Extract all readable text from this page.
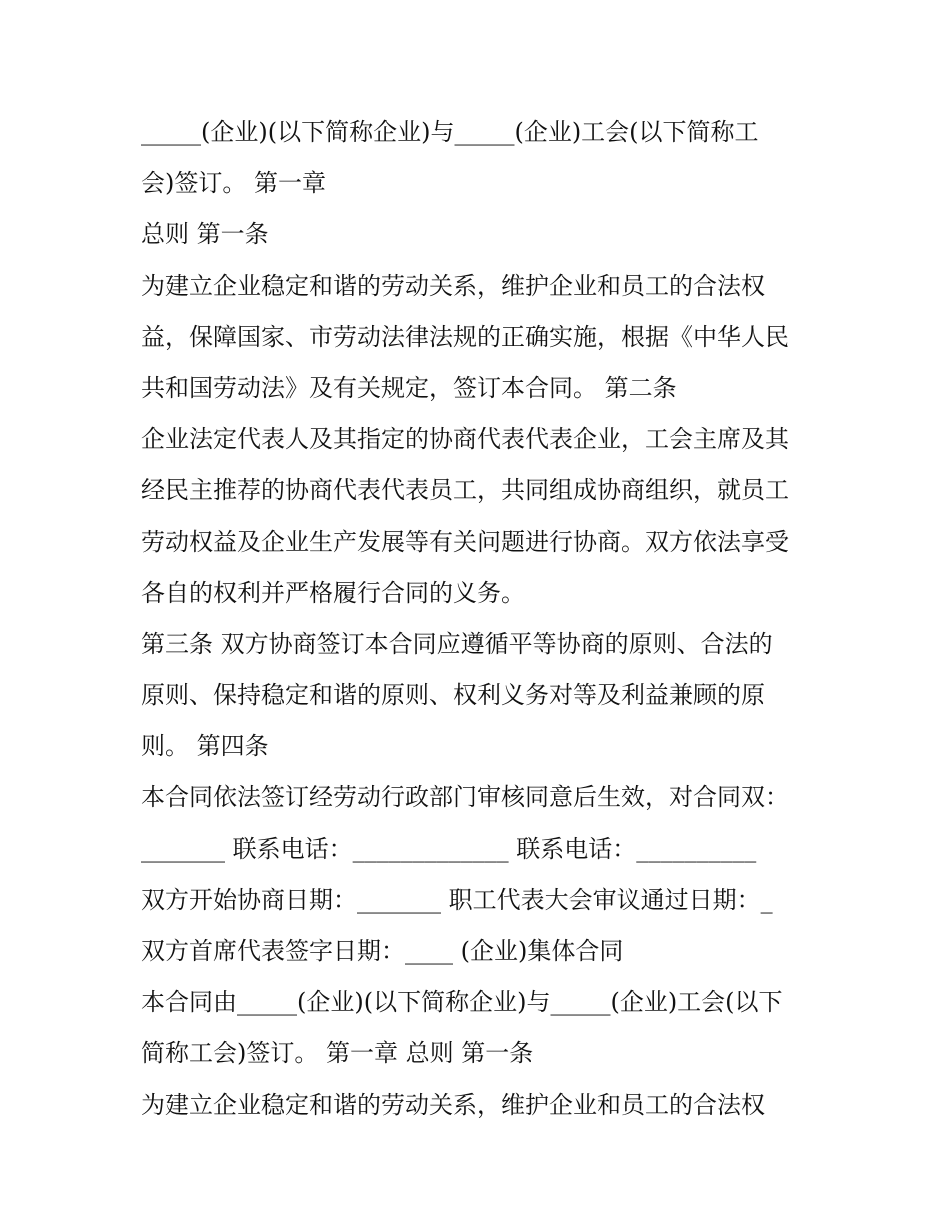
_____(企业)(以下简称企业)与_____(企业)工会(以下简称工
会)签订。 第一章
总则 第一条
为建立企业稳定和谐的劳动关系，维护企业和员工的合法权
益，保障国家、市劳动法律法规的正确实施，根据《中华人民
共和国劳动法》及有关规定，签订本合同。 第二条
企业法定代表人及其指定的协商代表代表企业，工会主席及其
经民主推荐的协商代表代表员工，共同组成协商组织，就员工
劳动权益及企业生产发展等有关问题进行协商。双方依法享受
各自的权利并严格履行合同的义务。
第三条 双方协商签订本合同应遵循平等协商的原则、合法的
原则、保持稳定和谐的原则、权利义务对等及利益兼顾的原
则。 第四条
本合同依法签订经劳动行政部门审核同意后生效，对合同双：
_______ 联系电话：_____________ 联系电话：__________
双方开始协商日期：_______ 职工代表大会审议通过日期：_
双方首席代表签字日期：____ (企业)集体合同
本合同由_____(企业)(以下简称企业)与_____(企业)工会(以下
简称工会)签订。 第一章 总则 第一条
为建立企业稳定和谐的劳动关系，维护企业和员工的合法权
